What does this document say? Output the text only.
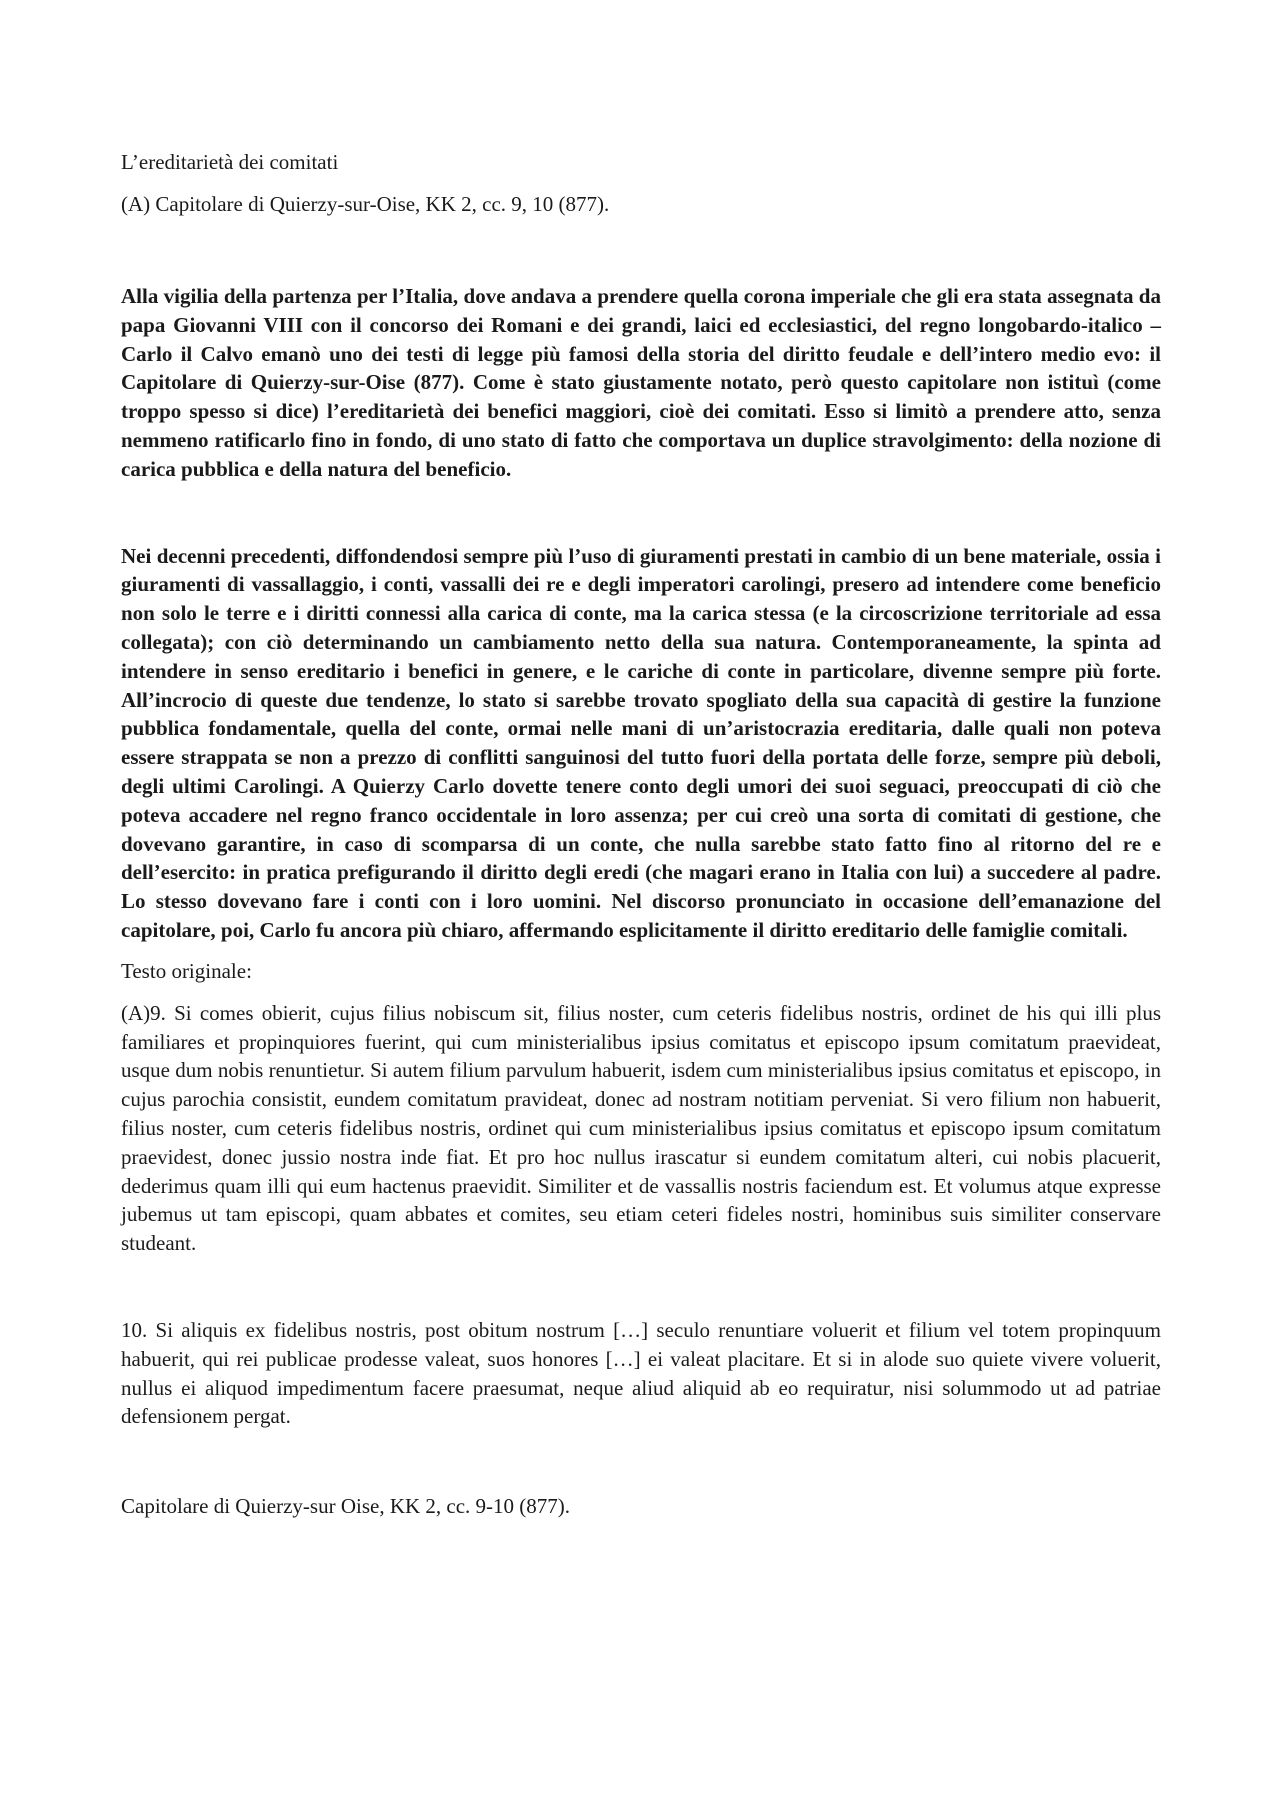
L’ereditarietà dei comitati

(A) Capitolare di Quierzy-sur-Oise, KK 2, cc. 9, 10 (877).

Alla vigilia della partenza per l’Italia, dove andava a prendere quella corona imperiale che gli era stata assegnata da papa Giovanni VIII con il concorso dei Romani e dei grandi, laici ed ecclesiastici, del regno longobardo-italico – Carlo il Calvo emanò uno dei testi di legge più famosi della storia del diritto feudale e dell’intero medio evo: il Capitolare di Quierzy-sur-Oise (877). Come è stato giustamente notato, però questo capitolare non istituì (come troppo spesso si dice) l’ereditarietà dei benefici maggiori, cioè dei comitati. Esso si limitò a prendere atto, senza nemmeno ratificarlo fino in fondo, di uno stato di fatto che comportava un duplice stravolgimento: della nozione di carica pubblica e della natura del beneficio.

Nei decenni precedenti, diffondendosi sempre più l’uso di giuramenti prestati in cambio di un bene materiale, ossia i giuramenti di vassallaggio, i conti, vassalli dei re e degli imperatori carolingi, presero ad intendere come beneficio non solo le terre e i diritti connessi alla carica di conte, ma la carica stessa (e la circoscrizione territoriale ad essa collegata); con ciò determinando un cambiamento netto della sua natura. Contemporaneamente, la spinta ad intendere in senso ereditario i benefici in genere, e le cariche di conte in particolare, divenne sempre più forte. All’incrocio di queste due tendenze, lo stato si sarebbe trovato spogliato della sua capacità di gestire la funzione pubblica fondamentale, quella del conte, ormai nelle mani di un’aristocrazia ereditaria, dalle quali non poteva essere strappata se non a prezzo di conflitti sanguinosi del tutto fuori della portata delle forze, sempre più deboli, degli ultimi Carolingi. A Quierzy Carlo dovette tenere conto degli umori dei suoi seguaci, preoccupati di ciò che poteva accadere nel regno franco occidentale in loro assenza; per cui creò una sorta di comitati di gestione, che dovevano garantire, in caso di scomparsa di un conte, che nulla sarebbe stato fatto fino al ritorno del re e dell’esercito: in pratica prefigurando il diritto degli eredi (che magari erano in Italia con lui) a succedere al padre. Lo stesso dovevano fare i conti con i loro uomini. Nel discorso pronunciato in occasione dell’emanazione del capitolare, poi, Carlo fu ancora più chiaro, affermando esplicitamente il diritto ereditario delle famiglie comitali.

Testo originale:

(A)9. Si comes obierit, cujus filius nobiscum sit, filius noster, cum ceteris fidelibus nostris, ordinet de his qui illi plus familiares et propinquiores fuerint, qui cum ministerialibus ipsius comitatus et episcopo ipsum comitatum praevideat, usque dum nobis renuntietur. Si autem filium parvulum habuerit, isdem cum ministerialibus ipsius comitatus et episcopo, in cujus parochia consistit, eundem comitatum pravideat, donec ad nostram notitiam perveniat. Si vero filium non habuerit, filius noster, cum ceteris fidelibus nostris, ordinet qui cum ministerialibus ipsius comitatus et episcopo ipsum comitatum praevidest, donec jussio nostra inde fiat. Et pro hoc nullus irascatur si eundem comitatum alteri, cui nobis placuerit, dederimus quam illi qui eum hactenus praevidit. Similiter et de vassallis nostris faciendum est. Et volumus atque expresse jubemus ut tam episcopi, quam abbates et comites, seu etiam ceteri fideles nostri, hominibus suis similiter conservare studeant.

10. Si aliquis ex fidelibus nostris, post obitum nostrum […] seculo renuntiare voluerit et filium vel totem propinquum habuerit, qui rei publicae prodesse valeat, suos honores […] ei valeat placitare. Et si in alode suo quiete vivere voluerit, nullus ei aliquod impedimentum facere praesumat, neque aliud aliquid ab eo requiratur, nisi solummodo ut ad patriae defensionem pergat.

Capitolare di Quierzy-sur Oise, KK 2, cc. 9-10 (877).
